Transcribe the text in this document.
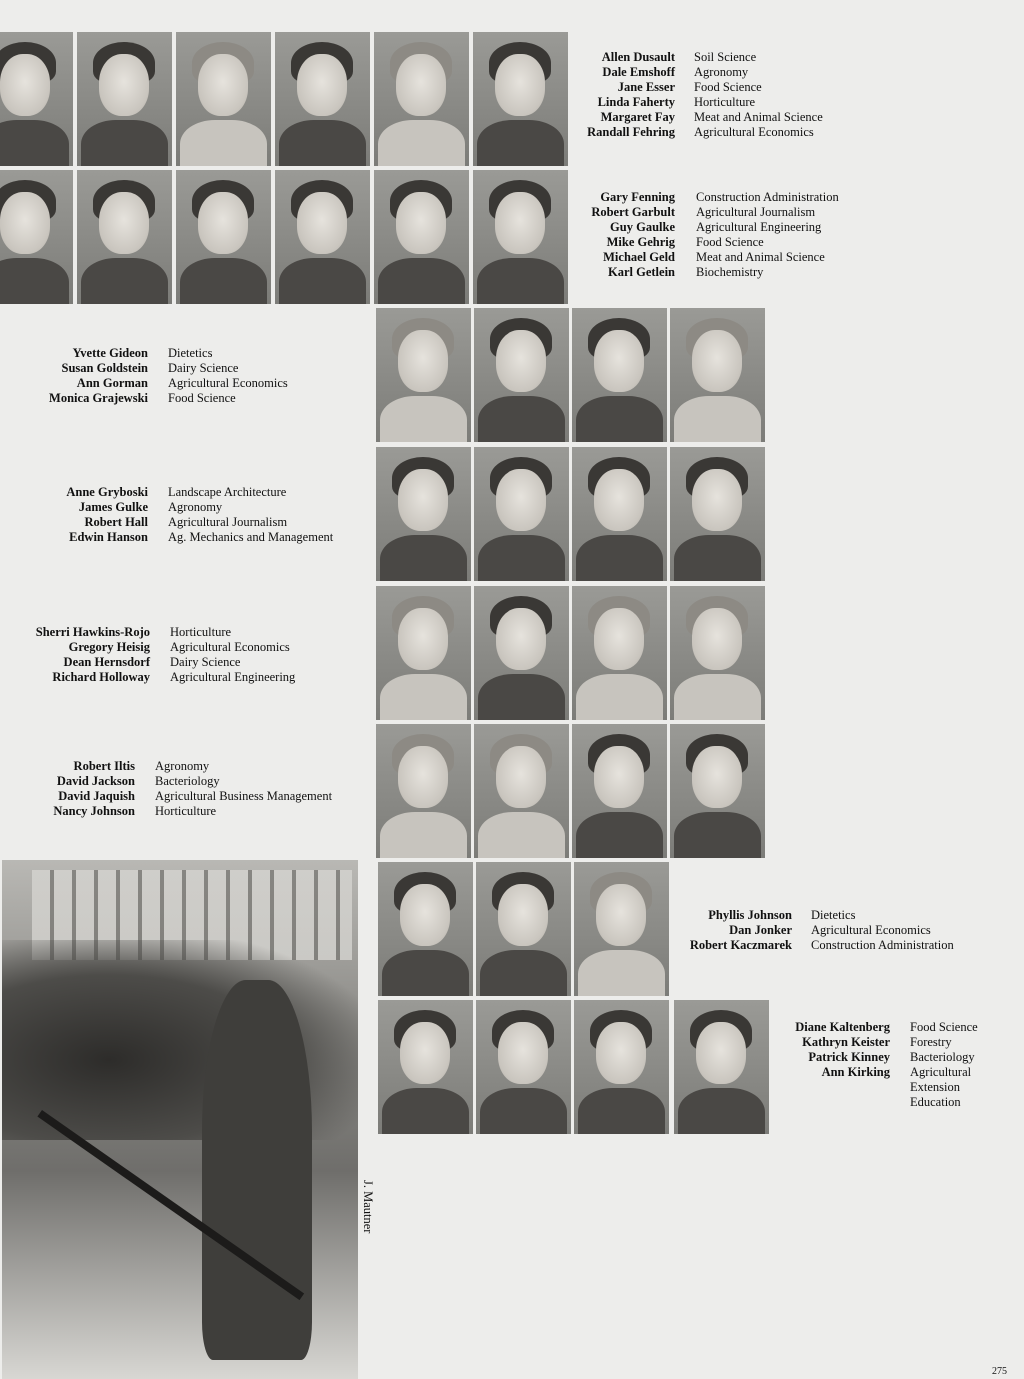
Allen Dusault
Dale Emshoff
Jane Esser
Linda Faherty
Margaret Fay
Randall Fehring
Soil Science
Agronomy
Food Science
Horticulture
Meat and Animal Science
Agricultural Economics
Gary Fenning
Robert Garbult
Guy Gaulke
Mike Gehrig
Michael Geld
Karl Getlein
Construction Administration
Agricultural Journalism
Agricultural Engineering
Food Science
Meat and Animal Science
Biochemistry
Yvette Gideon
Susan Goldstein
Ann Gorman
Monica Grajewski
Dietetics
Dairy Science
Agricultural Economics
Food Science
Anne Gryboski
James Gulke
Robert Hall
Edwin Hanson
Landscape Architecture
Agronomy
Agricultural Journalism
Ag. Mechanics and Management
Sherri Hawkins-Rojo
Gregory Heisig
Dean Hernsdorf
Richard Holloway
Horticulture
Agricultural Economics
Dairy Science
Agricultural Engineering
Robert Iltis
David Jackson
David Jaquish
Nancy Johnson
Agronomy
Bacteriology
Agricultural Business Management
Horticulture
Phyllis Johnson
Dan Jonker
Robert Kaczmarek
Dietetics
Agricultural Economics
Construction Administration
Diane Kaltenberg
Kathryn Keister
Patrick Kinney
Ann Kirking
Food Science
Forestry
Bacteriology
Agricultural Extension Education
J. Mautner
275
